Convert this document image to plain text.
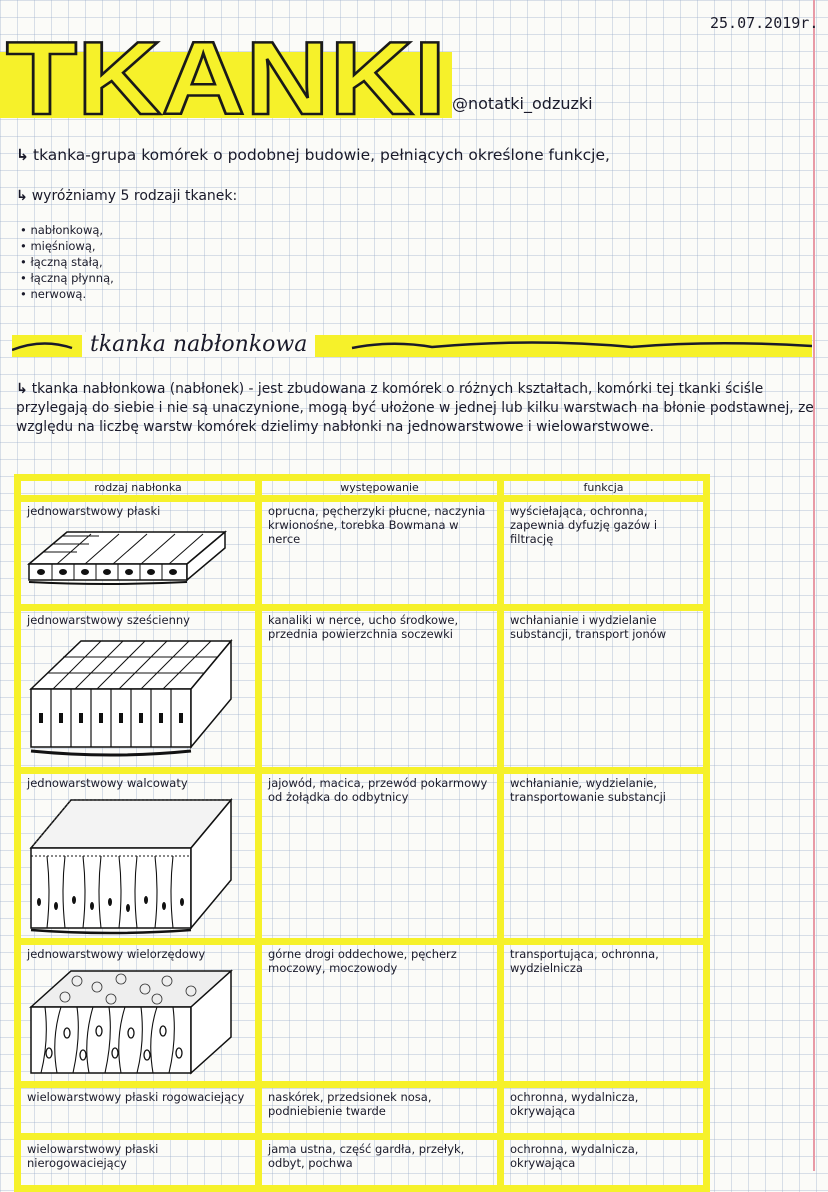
25.07.2019r.
TKANKI @notatki_odzuzki
↳ tkanka-grupa komórek o podobnej budowie, pełniących określone funkcje,
↳ wyróżniamy 5 rodzaji tkanek:
• nabłonkową,
• mięśniową,
• łączną stałą,
• łączną płynną,
• nerwową.
tkanka nabłonkowa
↳ tkanka nabłonkowa (nabłonek) - jest zbudowana z komórek o różnych kształtach, komórki tej tkanki ściśle przylegają do siebie i nie są unaczynione, mogą być ułożone w jednej lub kilku warstwach na błonie podstawnej, ze względu na liczbę warstw komórek dzielimy nabłonki na jednowarstwowe i wielowarstwowe.
rodzaj nabłonka	występowanie	funkcja

jednowarstwowy płaski	oprucna, pęcherzyki płucne, naczynia krwionośne, torebka Bowmana w nerce	wyściełająca, ochronna, zapewnia dyfuzję gazów i filtrację

jednowarstwowy sześcienny	kanaliki w nerce, ucho środkowe, przednia powierzchnia soczewki	wchłanianie i wydzielanie substancji, transport jonów

jednowarstwowy walcowaty	jajowód, macica, przewód pokarmowy od żołądka do odbytnicy	wchłanianie, wydzielanie, transportowanie substancji

jednowarstwowy wielorzędowy	górne drogi oddechowe, pęcherz moczowy, moczowody	transportująca, ochronna, wydzielnicza
wielowarstwowy płaski rogowaciejący	naskórek, przedsionek nosa, podniebienie twarde	ochronna, wydalnicza, okrywająca
wielowarstwowy płaski nierogowaciejący	jama ustna, część gardła, przełyk, odbyt, pochwa	ochronna, wydalnicza, okrywająca
